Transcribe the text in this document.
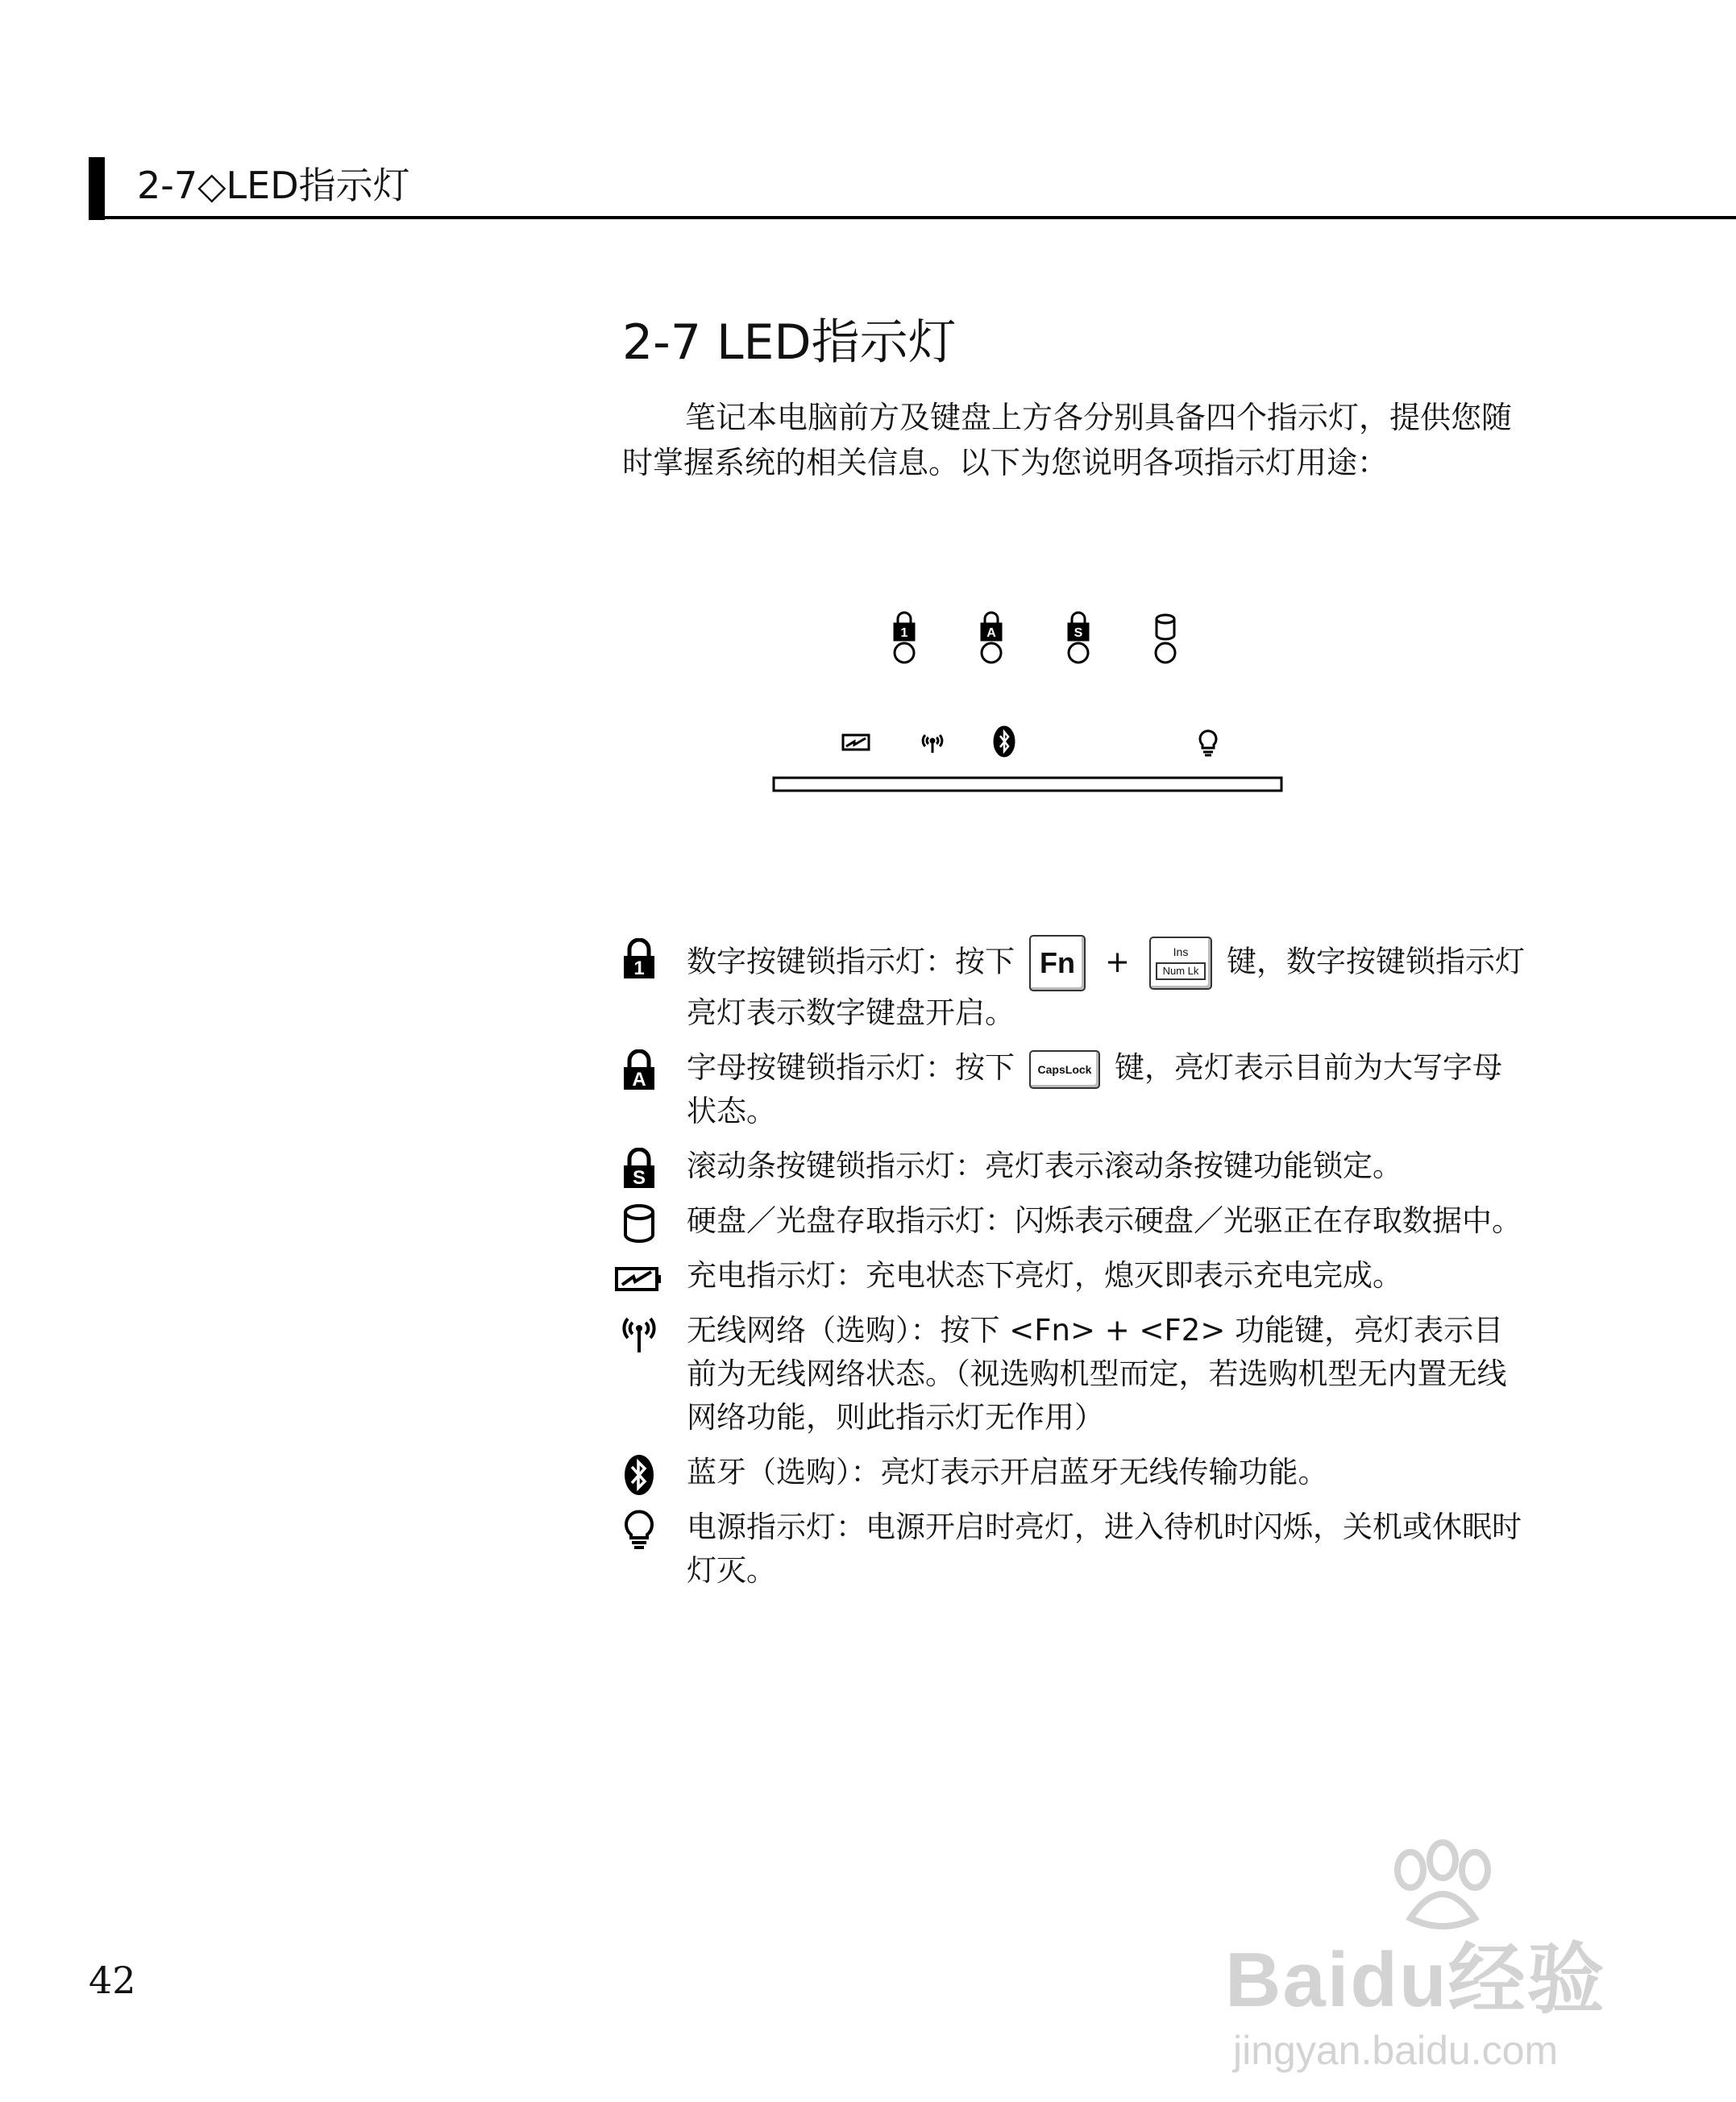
2-7◇LED指示灯
2-7 LED指示灯

笔记本电脑前方及键盘上方各分别具备四个指示灯，提供您随时掌握系统的相关信息。以下为您说明各项指示灯用途：

1	A	S
1 数字按键锁指示灯：按下 Fn +	Ins
Num Lk 键，数字按键锁指示灯亮灯表示数字键盘开启。
A 字母按键锁指示灯：按下 CapsLock 键，亮灯表示目前为大写字母状态。
S 滚动条按键锁指示灯：亮灯表示滚动条按键功能锁定。
硬盘／光盘存取指示灯：闪烁表示硬盘／光驱正在存取数据中。
充电指示灯：充电状态下亮灯，熄灭即表示充电完成。
无线网络（选购）：按下 <Fn> + <F2> 功能键，亮灯表示目前为无线网络状态。（视选购机型而定，若选购机型无内置无线网络功能，则此指示灯无作用）
蓝牙（选购）：亮灯表示开启蓝牙无线传输功能。
电源指示灯：电源开启时亮灯，进入待机时闪烁，关机或休眠时灯灭。
42	Baidu经验
jingyan.baidu.com
